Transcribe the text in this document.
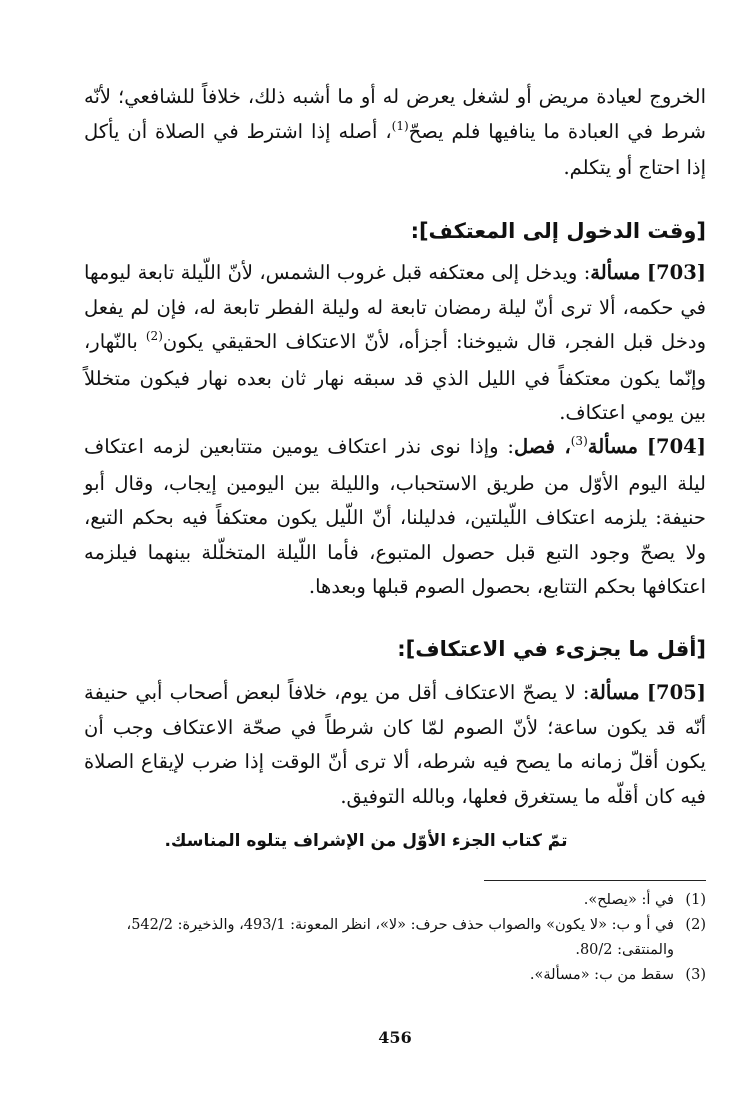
الخروج لعيادة مريض أو لشغل يعرض له أو ما أشبه ذلك، خلافاً للشافعي؛ لأنّه شرط في العبادة ما ينافيها فلم يصحّ$^{(1)}$، أصله إذا اشترط في الصلاة أن يأكل إذا احتاج أو يتكلم.

[وقت الدخول إلى المعتكف]:

[703] مسألة: ويدخل إلى معتكفه قبل غروب الشمس، لأنّ اللّيلة تابعة ليومها في حكمه، ألا ترى أنّ ليلة رمضان تابعة له وليلة الفطر تابعة له، فإن لم يفعل ودخل قبل الفجر، قال شيوخنا: أجزأه، لأنّ الاعتكاف الحقيقي يكون$^{(2)}$ بالنّهار، وإنّما يكون معتكفاً في الليل الذي قد سبقه نهار ثان بعده نهار فيكون متخللاً بين يومي اعتكاف.

[704] مسألة$^{(3)}$، فصل: وإذا نوى نذر اعتكاف يومين متتابعين لزمه اعتكاف ليلة اليوم الأوّل من طريق الاستحباب، والليلة بين اليومين إيجاب، وقال أبو حنيفة: يلزمه اعتكاف اللّيلتين، فدليلنا، أنّ اللّيل يكون معتكفاً فيه بحكم التبع، ولا يصحّ وجود التبع قبل حصول المتبوع، فأما اللّيلة المتخلّلة بينهما فيلزمه اعتكافها بحكم التتابع، بحصول الصوم قبلها وبعدها.

[أقل ما يجزىء في الاعتكاف]:

[705] مسألة: لا يصحّ الاعتكاف أقل من يوم، خلافاً لبعض أصحاب أبي حنيفة أنّه قد يكون ساعة؛ لأنّ الصوم لمّا كان شرطاً في صحّة الاعتكاف وجب أن يكون أقلّ زمانه ما يصح فيه شرطه، ألا ترى أنّ الوقت إذا ضرب لإيقاع الصلاة فيه كان أقلّه ما يستغرق فعلها، وبالله التوفيق.

تمّ كتاب الجزء الأوّل من الإشراف يتلوه المناسك.

(1)
في أ: «يصلح».

(2)
في أ و ب: «لا يكون» والصواب حذف حرف: «لا»، انظر المعونة: 493/1، والذخيرة: 542/2، والمنتقى: 80/2.

(3)
سقط من ب: «مسألة».

456
